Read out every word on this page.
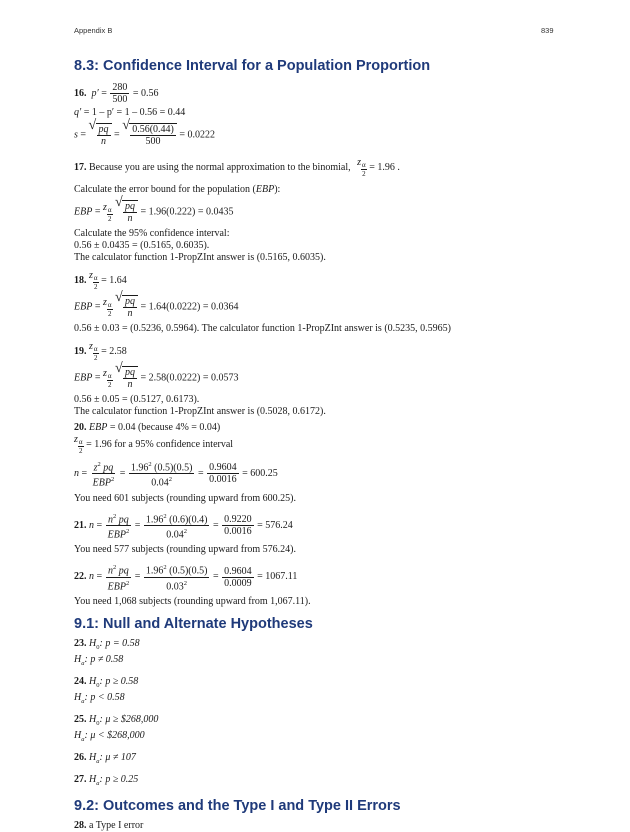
Appendix B	839
8.3: Confidence Interval for a Population Proportion
16.  $p' = \frac{280}{500} = 0.56$
q′ = 1 – p′ = 1 – 0.56 = 0.44
s =
√ $\frac{pq}{n}$ =
√ $\frac{0.56(0.44)}{500} = 0.0222$
17. Because you are using the normal approximation to the binomial, z α
2
= 1.96 .
Calculate the error bound for the population (EBP):
EBP = z α
2

√ $\frac{pq}{n} = 1.96(0.222) = 0.0435$
Calculate the 95% confidence interval:
0.56 ± 0.0435 = (0.5165, 0.6035).
The calculator function 1-PropZInt answer is (0.5165, 0.6035).
18. z α
2
= 1.64
EBP = z α
2

√ $\frac{pq}{n} = 1.64(0.0222) = 0.0364$
0.56 ± 0.03 = (0.5236, 0.5964). The calculator function 1-PropZInt answer is (0.5235, 0.5965)
19. z α
2
= 2.58
EBP = z α
2

√ $\frac{pq}{n} = 2.58(0.0222) = 0.0573$
0.56 ± 0.05 = (0.5127, 0.6173).
The calculator function 1-PropZInt answer is (0.5028, 0.6172).
20. EBP = 0.04 (because 4% = 0.04)
z α
2
= 1.96 for a 95% confidence interval
$n = \frac{z^2 pq}{EBP^2} = \frac{1.96^2 (0.5)(0.5)}{0.04^2} = \frac{0.9604}{0.0016} = 600.25$
You need 601 subjects (rounding upward from 600.25).
21. $n = \frac{n^2 pq}{EBP^2} = \frac{1.96^2 (0.6)(0.4)}{0.04^2} = \frac{0.9220}{0.0016} = 576.24$
You need 577 subjects (rounding upward from 576.24).
22. $n = \frac{n^2 pq}{EBP^2} = \frac{1.96^2 (0.5)(0.5)}{0.03^2} = \frac{0.9604}{0.0009} = 1067.11$
You need 1,068 subjects (rounding upward from 1,067.11).
9.1: Null and Alternate Hypotheses
23. $H_0$: p = 0.58
$H_a$: p ≠ 0.58
24. $H_0$: p ≥ 0.58
$H_a$: p < 0.58
25. $H_0$: μ ≥ $268,000
$H_a$: μ < $268,000
26. $H_a$: μ ≠ 107
27. $H_a$: p ≥ 0.25
9.2: Outcomes and the Type I and Type II Errors
28. a Type I error
